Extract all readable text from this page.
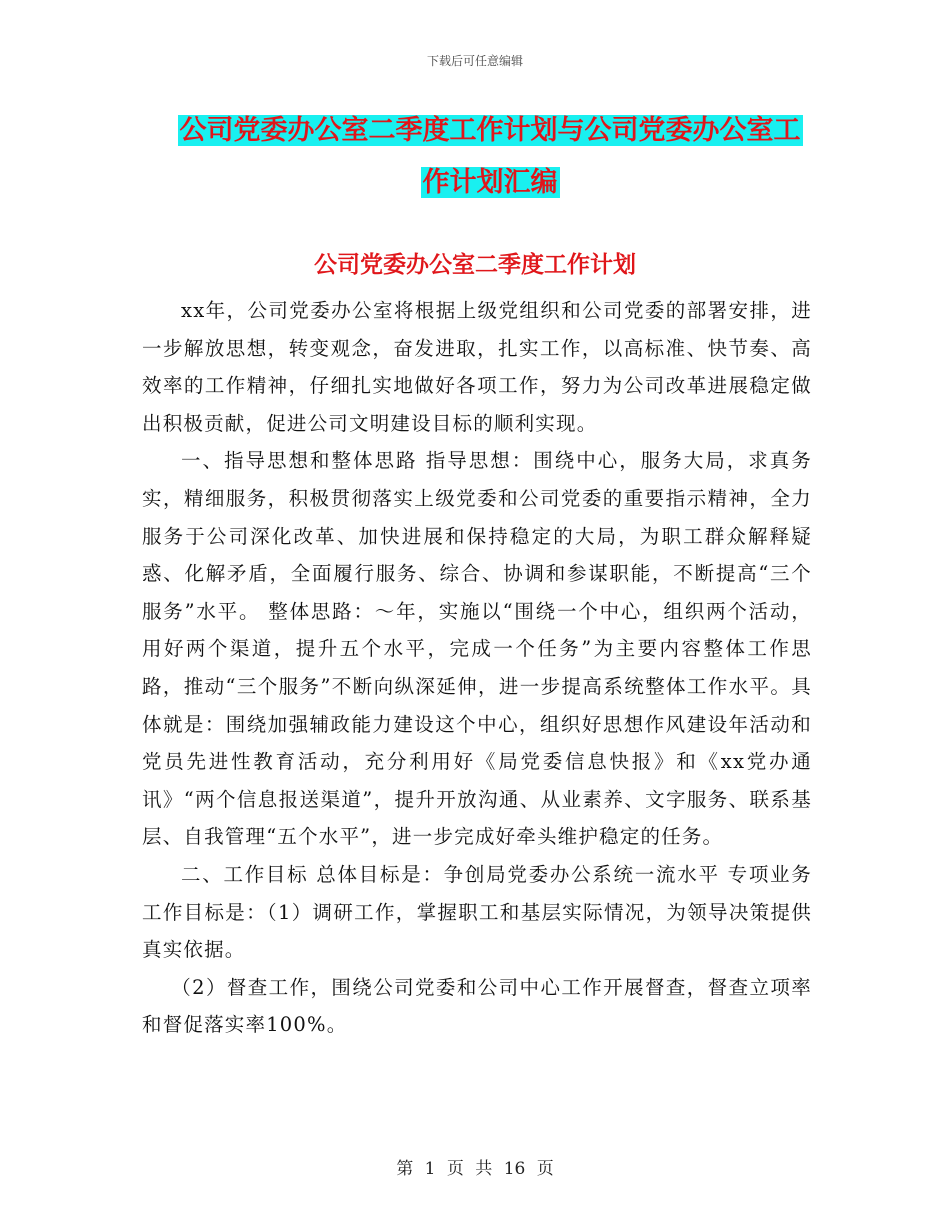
下载后可任意编辑
公司党委办公室二季度工作计划与公司党委办公室工
作计划汇编
公司党委办公室二季度工作计划

xx年，公司党委办公室将根据上级党组织和公司党委的部署安排，进一步解放思想，转变观念，奋发进取，扎实工作，以高标准、快节奏、高效率的工作精神，仔细扎实地做好各项工作，努力为公司改革进展稳定做出积极贡献，促进公司文明建设目标的顺利实现。

一、指导思想和整体思路 指导思想：围绕中心，服务大局，求真务实，精细服务，积极贯彻落实上级党委和公司党委的重要指示精神，全力服务于公司深化改革、加快进展和保持稳定的大局，为职工群众解释疑惑、化解矛盾，全面履行服务、综合、协调和参谋职能，不断提高“三个服务”水平。 整体思路：～年，实施以“围绕一个中心，组织两个活动，用好两个渠道，提升五个水平，完成一个任务”为主要内容整体工作思路，推动“三个服务”不断向纵深延伸，进一步提高系统整体工作水平。具体就是：围绕加强辅政能力建设这个中心，组织好思想作风建设年活动和党员先进性教育活动，充分利用好《局党委信息快报》和《xx党办通讯》“两个信息报送渠道”，提升开放沟通、从业素养、文字服务、联系基层、自我管理“五个水平”，进一步完成好牵头维护稳定的任务。

二、工作目标 总体目标是：争创局党委办公系统一流水平 专项业务工作目标是：（1）调研工作，掌握职工和基层实际情况，为领导决策提供真实依据。

（2）督查工作，围绕公司党委和公司中心工作开展督查，督查立项率和督促落实率100%。

第 1 页 共 16 页
